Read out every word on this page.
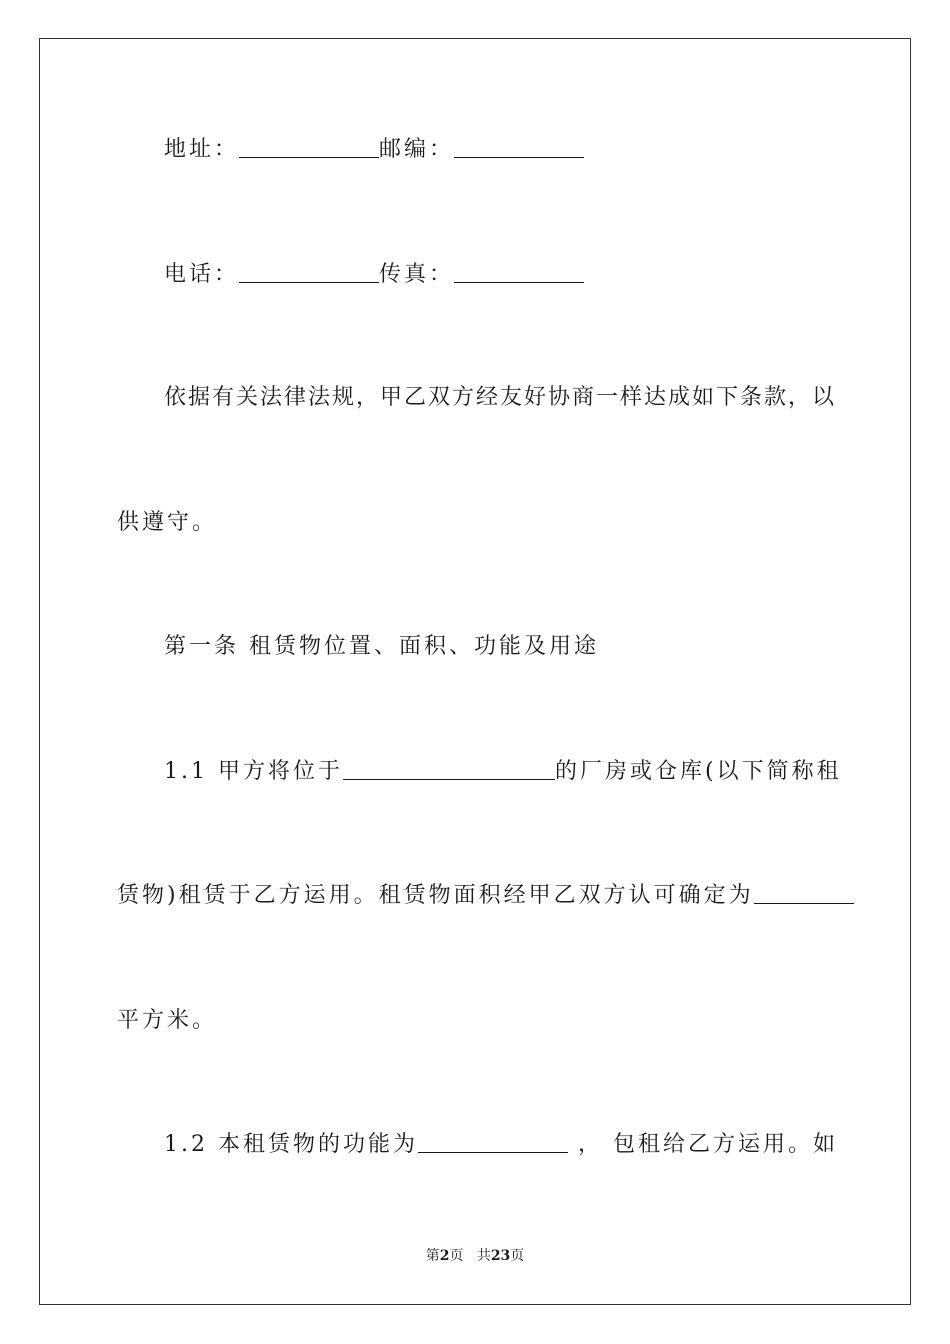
地址：	邮编：
电话：	传真：
依据有关法律法规，甲乙双方经友好协商一样达成如下条款，以
供遵守。
第一条 租赁物位置、面积、功能及用途
1.1 甲方将位于	的厂房或仓库(以下简称租
赁物)租赁于乙方运用。租赁物面积经甲乙双方认可确定为
平方米。
1.2 本租赁物的功能为	， 包租给乙方运用。如
第2页 共23页
